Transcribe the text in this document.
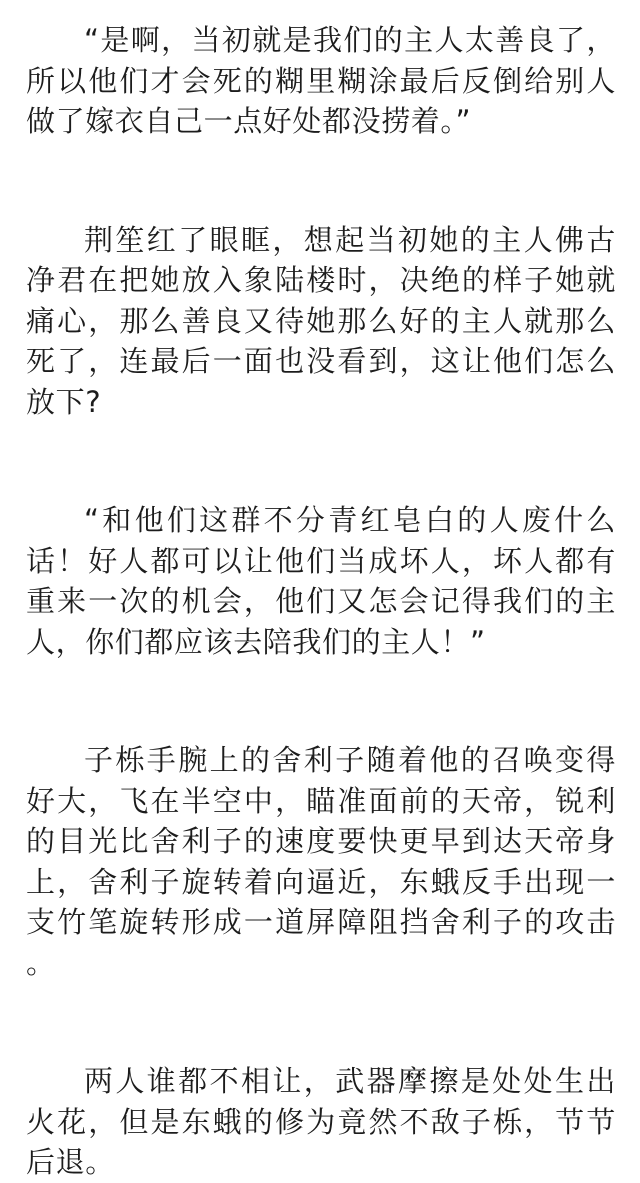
“是啊，当初就是我们的主人太善良了，所以他们才会死的糊里糊涂最后反倒给别人做了嫁衣自己一点好处都没捞着。”

荆笙红了眼眶，想起当初她的主人佛古净君在把她放入象陆楼时，决绝的样子她就痛心，那么善良又待她那么好的主人就那么死了，连最后一面也没看到，这让他们怎么放下?

“和他们这群不分青红皂白的人废什么话！好人都可以让他们当成坏人，坏人都有重来一次的机会，他们又怎会记得我们的主人，你们都应该去陪我们的主人！”

子栎手腕上的舍利子随着他的召唤变得好大，飞在半空中，瞄准面前的天帝，锐利的目光比舍利子的速度要快更早到达天帝身上，舍利子旋转着向逼近，东蛾反手出现一支竹笔旋转形成一道屏障阻挡舍利子的攻击 。

两人谁都不相让，武器摩擦是处处生出火花，但是东蛾的修为竟然不敌子栎，节节后退。
